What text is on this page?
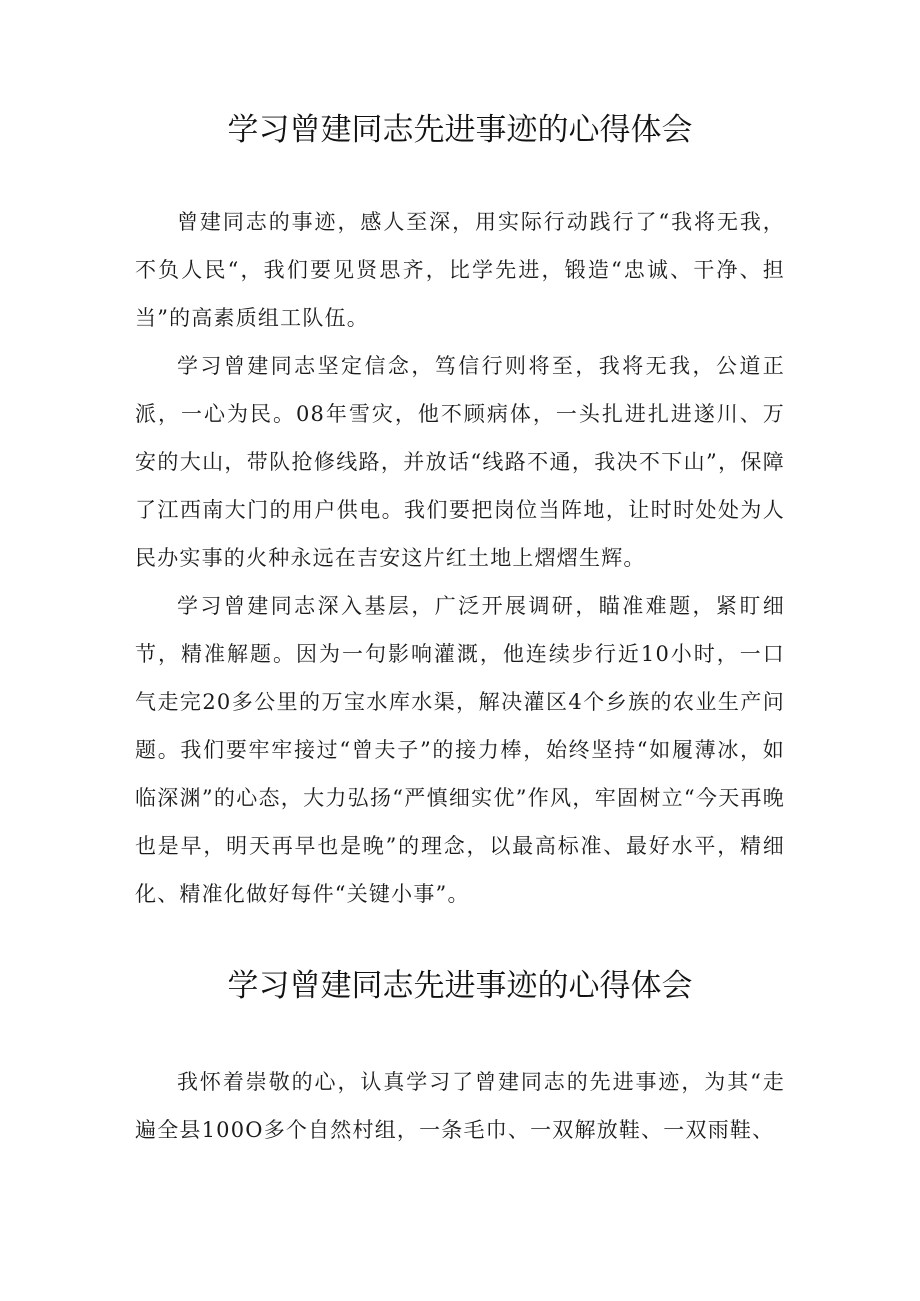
学习曾建同志先进事迹的心得体会

曾建同志的事迹，感人至深，用实际行动践行了“我将无我，不负人民“，我们要见贤思齐，比学先进，锻造“忠诚、干净、担当”的高素质组工队伍。

学习曾建同志坚定信念，笃信行则将至，我将无我，公道正派，一心为民。08年雪灾，他不顾病体，一头扎进扎进遂川、万安的大山，带队抢修线路，并放话“线路不通，我决不下山”，保障了江西南大门的用户供电。我们要把岗位当阵地，让时时处处为人民办实事的火种永远在吉安这片红土地上熠熠生辉。

学习曾建同志深入基层，广泛开展调研，瞄准难题，紧盯细节，精准解题。因为一句影响灌溉，他连续步行近10小时，一口气走完20多公里的万宝水库水渠，解决灌区4个乡族的农业生产问题。我们要牢牢接过“曾夫子”的接力棒，始终坚持“如履薄冰，如临深渊”的心态，大力弘扬“严慎细实优”作风，牢固树立“今天再晚也是早，明天再早也是晚”的理念，以最高标准、最好水平，精细化、精准化做好每件“关键小事”。

学习曾建同志先进事迹的心得体会

我怀着崇敬的心，认真学习了曾建同志的先进事迹，为其“走遍全县100O多个自然村组，一条毛巾、一双解放鞋、一双雨鞋、
